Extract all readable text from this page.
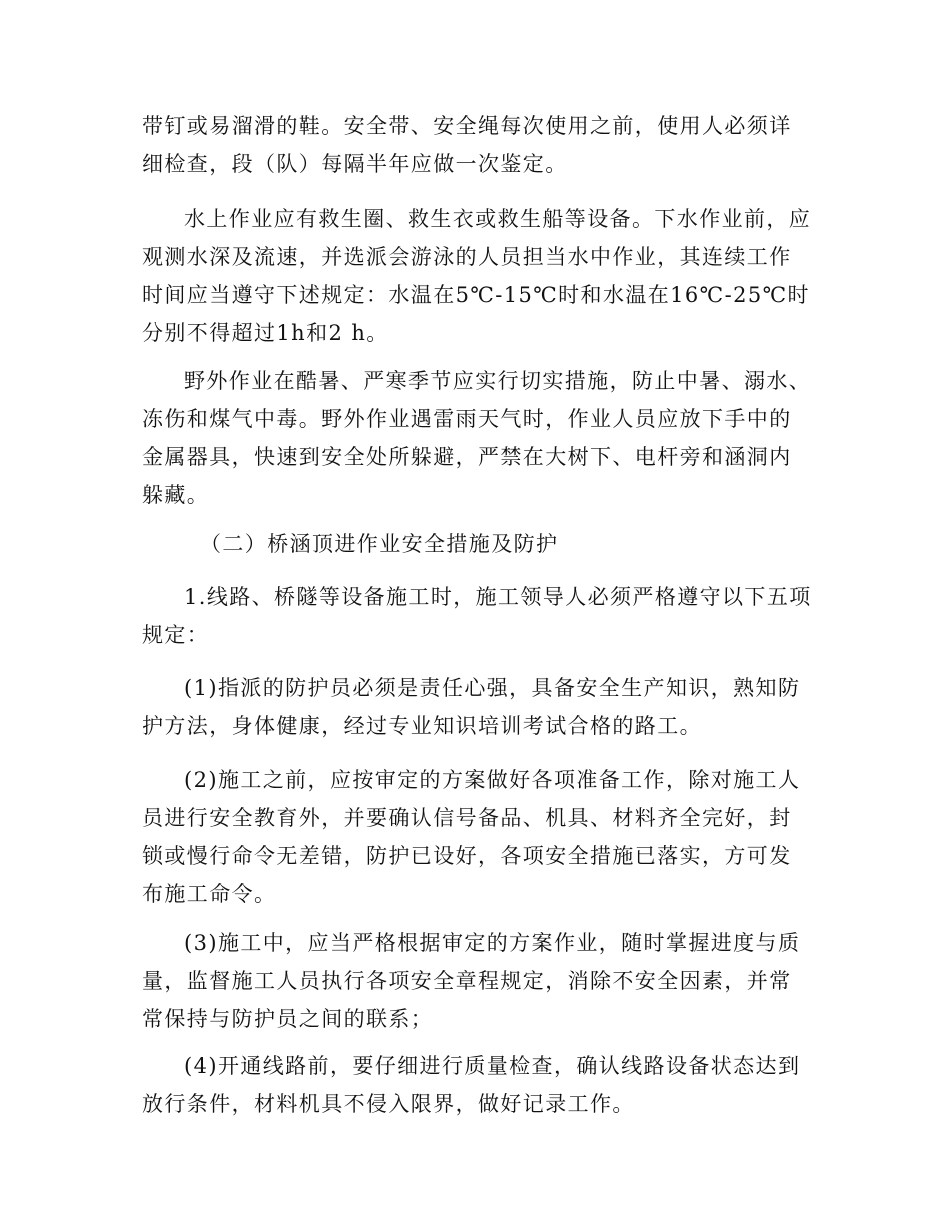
带钉或易溜滑的鞋。安全带、安全绳每次使用之前，使用人必须详细检查，段（队）每隔半年应做一次鉴定。

水上作业应有救生圈、救生衣或救生船等设备。下水作业前，应观测水深及流速，并选派会游泳的人员担当水中作业，其连续工作时间应当遵守下述规定：水温在5℃-15℃时和水温在16℃-25℃时分别不得超过1h和2 h。

野外作业在酷暑、严寒季节应实行切实措施，防止中暑、溺水、冻伤和煤气中毒。野外作业遇雷雨天气时，作业人员应放下手中的金属器具，快速到安全处所躲避，严禁在大树下、电杆旁和涵洞内躲藏。

（二）桥涵顶进作业安全措施及防护

1.线路、桥隧等设备施工时，施工领导人必须严格遵守以下五项规定：

(1)指派的防护员必须是责任心强，具备安全生产知识，熟知防护方法，身体健康，经过专业知识培训考试合格的路工。

(2)施工之前，应按审定的方案做好各项准备工作，除对施工人员进行安全教育外，并要确认信号备品、机具、材料齐全完好，封锁或慢行命令无差错，防护已设好，各项安全措施已落实，方可发布施工命令。

(3)施工中，应当严格根据审定的方案作业，随时掌握进度与质量，监督施工人员执行各项安全章程规定，消除不安全因素，并常常保持与防护员之间的联系；

(4)开通线路前，要仔细进行质量检查，确认线路设备状态达到放行条件，材料机具不侵入限界，做好记录工作。
